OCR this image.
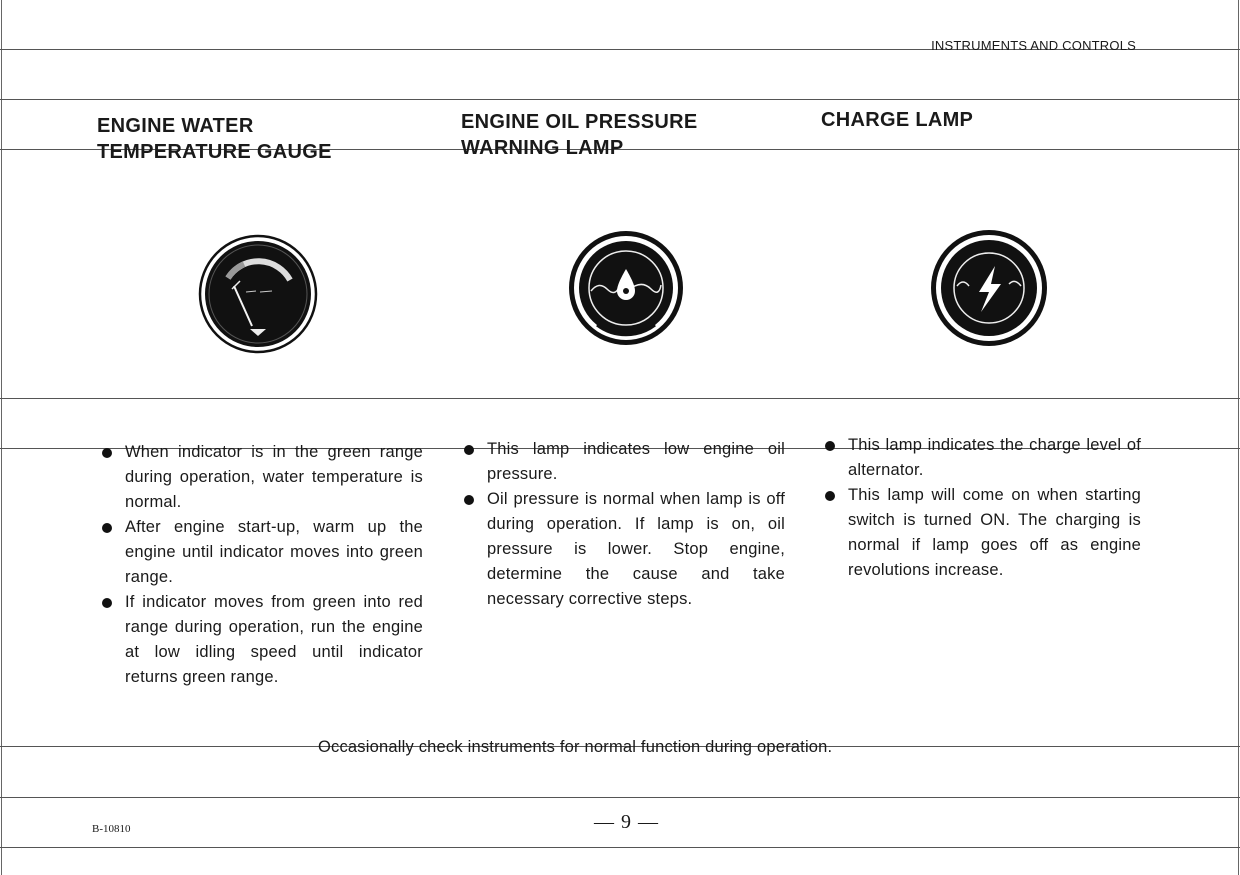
INSTRUMENTS AND CONTROLS
ENGINE WATER
TEMPERATURE GAUGE
ENGINE OIL PRESSURE
WARNING LAMP
CHARGE LAMP
When indicator is in the green range during operation, water temperature is normal.
After engine start-up, warm up the engine until indicator moves into green range.
If indicator moves from green into red range during operation, run the engine at low idling speed until indicator returns green range.
This lamp indicates low engine oil pressure.
Oil pressure is normal when lamp is off during operation. If lamp is on, oil pressure is lower. Stop engine, determine the cause and take necessary corrective steps.
This lamp indicates the charge level of alternator.
This lamp will come on when starting switch is turned ON. The charging is normal if lamp goes off as engine revolutions increase.
Occasionally check instruments for normal function during operation.
B-10810	— 9 —
